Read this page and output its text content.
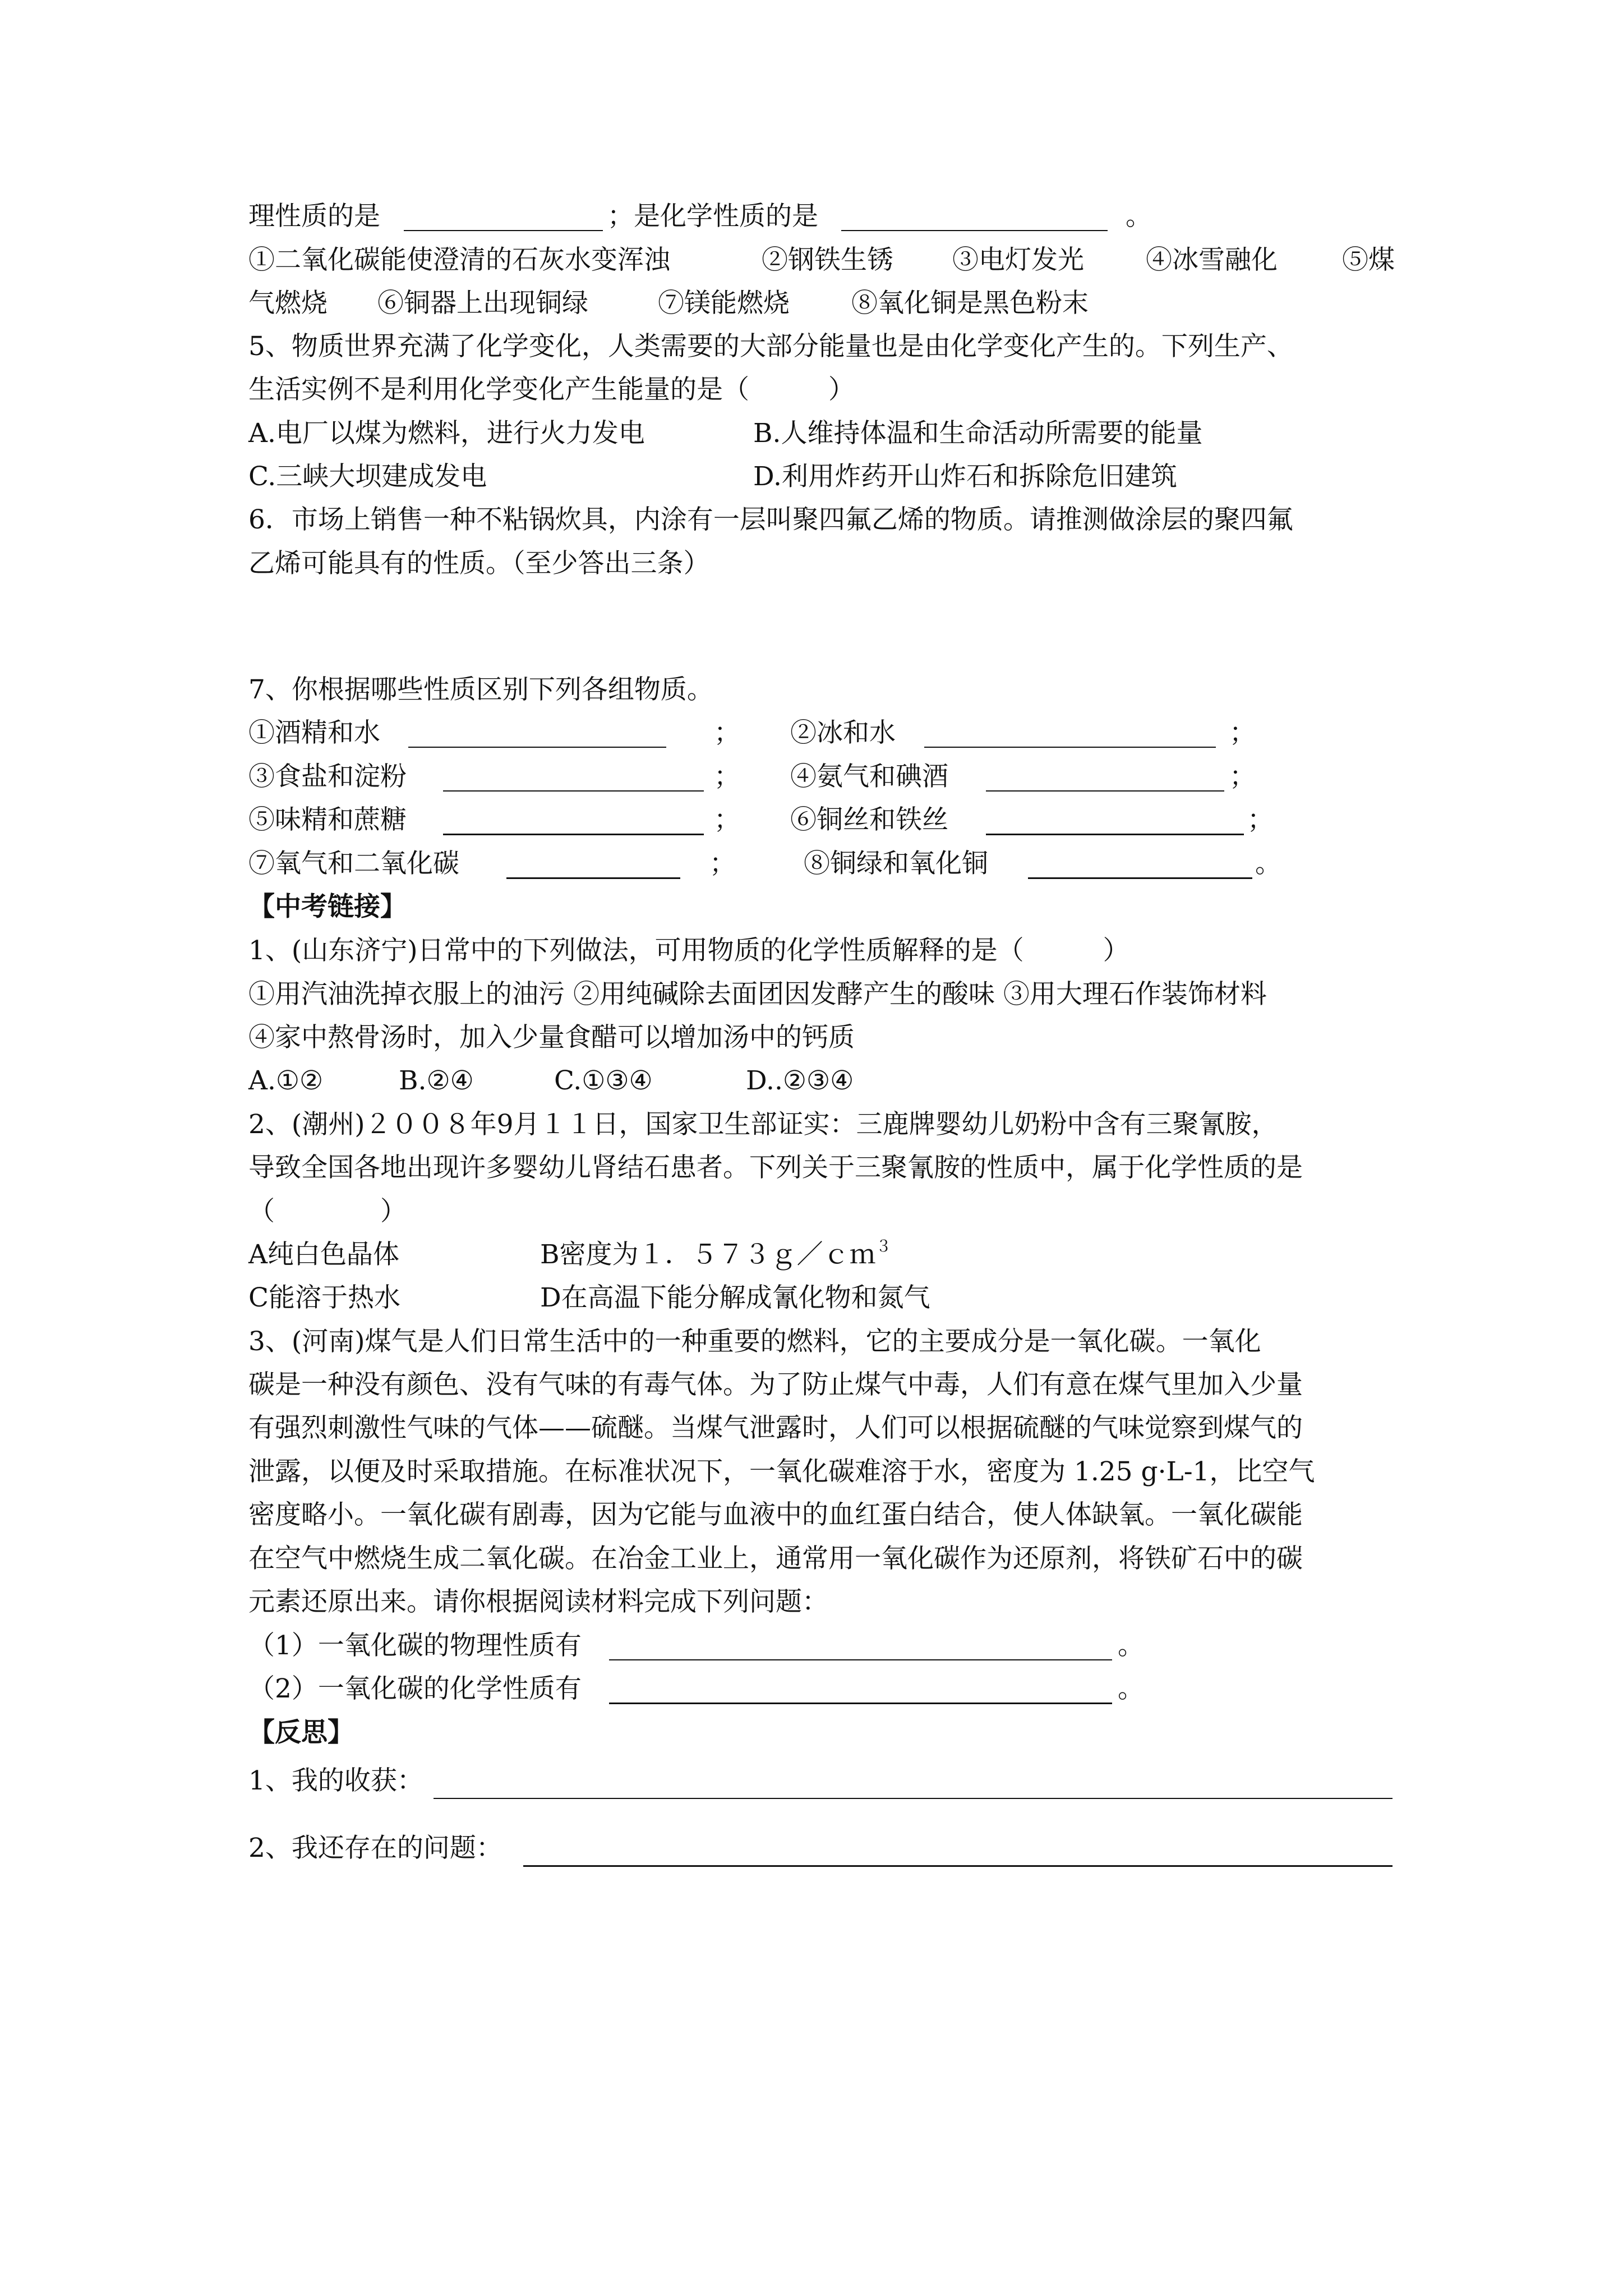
理性质的是	；是化学性质的是	。
①二氧化碳能使澄清的石灰水变浑浊	②钢铁生锈 ③电灯发光 ④冰雪融化 ⑤煤
气燃烧 ⑥铜器上出现铜绿	⑦镁能燃烧 ⑧氧化铜是黑色粉末
5、物质世界充满了化学变化，人类需要的大部分能量也是由化学变化产生的。下列生产、
生活实例不是利用化学变化产生能量的是（　　　）
A.电厂以煤为燃料，进行火力发电	B.人维持体温和生命活动所需要的能量
C.三峡大坝建成发电	D.利用炸药开山炸石和拆除危旧建筑
6．市场上销售一种不粘锅炊具，内涂有一层叫聚四氟乙烯的物质。请推测做涂层的聚四氟
乙烯可能具有的性质。（至少答出三条）
7、你根据哪些性质区别下列各组物质。
①酒精和水	； ②冰和水	；
③食盐和淀粉	； ④氨气和碘酒	；
⑤味精和蔗糖	； ⑥铜丝和铁丝	；
⑦氧气和二氧化碳	；	⑧铜绿和氧化铜	。
【中考链接】
1、(山东济宁)日常中的下列做法，可用物质的化学性质解释的是（　　　）
①用汽油洗掉衣服上的油污 ②用纯碱除去面团因发酵产生的酸味 ③用大理石作装饰材料
④家中熬骨汤时，加入少量食醋可以增加汤中的钙质
A.①②	B.②④	C.①③④	D..②③④
2、(潮州)２００８年9月１１日，国家卫生部证实：三鹿牌婴幼儿奶粉中含有三聚氰胺，
导致全国各地出现许多婴幼儿肾结石患者。下列关于三聚氰胺的性质中，属于化学性质的是
（　　　　）
A纯白色晶体	B密度为１．５７３ｇ／ｃｍ$^3$
C能溶于热水	D在高温下能分解成氰化物和氮气
3、(河南)煤气是人们日常生活中的一种重要的燃料，它的主要成分是一氧化碳。一氧化
碳是一种没有颜色、没有气味的有毒气体。为了防止煤气中毒，人们有意在煤气里加入少量
有强烈刺激性气味的气体——硫醚。当煤气泄露时，人们可以根据硫醚的气味觉察到煤气的
泄露，以便及时采取措施。在标准状况下，一氧化碳难溶于水，密度为 1.25 g·L-1，比空气
密度略小。一氧化碳有剧毒，因为它能与血液中的血红蛋白结合，使人体缺氧。一氧化碳能
在空气中燃烧生成二氧化碳。在冶金工业上，通常用一氧化碳作为还原剂，将铁矿石中的碳
元素还原出来。请你根据阅读材料完成下列问题：
（1）一氧化碳的物理性质有	。
（2）一氧化碳的化学性质有	。
【反思】
1、我的收获：
2、我还存在的问题：
